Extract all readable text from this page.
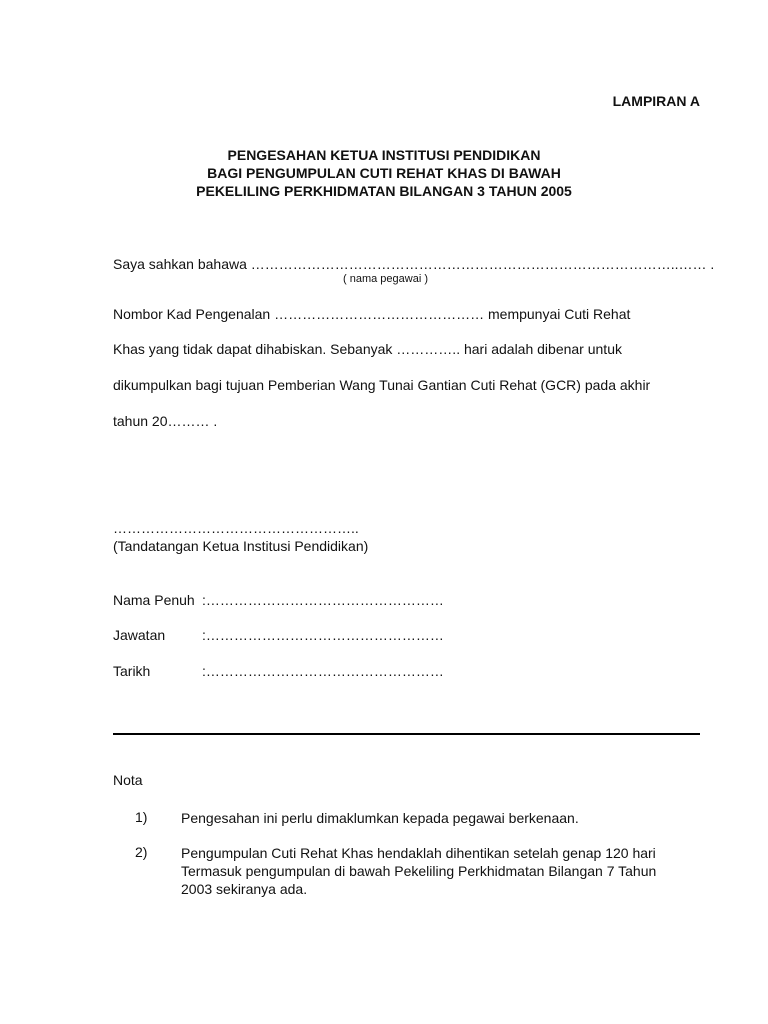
LAMPIRAN A
PENGESAHAN KETUA INSTITUSI PENDIDIKAN
BAGI PENGUMPULAN CUTI REHAT KHAS DI BAWAH
PEKELILING PERKHIDMATAN BILANGAN 3 TAHUN 2005
Saya sahkan bahawa ………………………………………………………………………………..…… .
( nama pegawai )
Nombor Kad Pengenalan ……………………………………… mempunyai Cuti Rehat
Khas yang tidak dapat dihabiskan. Sebanyak ………….. hari adalah dibenar untuk
dikumpulkan bagi tujuan Pemberian Wang Tunai Gantian Cuti Rehat (GCR) pada akhir
tahun 20……… .
……………………………………………..
(Tandatangan Ketua Institusi Pendidikan)
Nama Penuh :……………………………………………
Jawatan	:……………………………………………
Tarikh	:……………………………………………
Nota
1) Pengesahan ini perlu dimaklumkan kepada pegawai berkenaan.
2) Pengumpulan Cuti Rehat Khas hendaklah dihentikan setelah genap 120 hari
Termasuk pengumpulan di bawah Pekeliling Perkhidmatan Bilangan 7 Tahun
2003 sekiranya ada.
